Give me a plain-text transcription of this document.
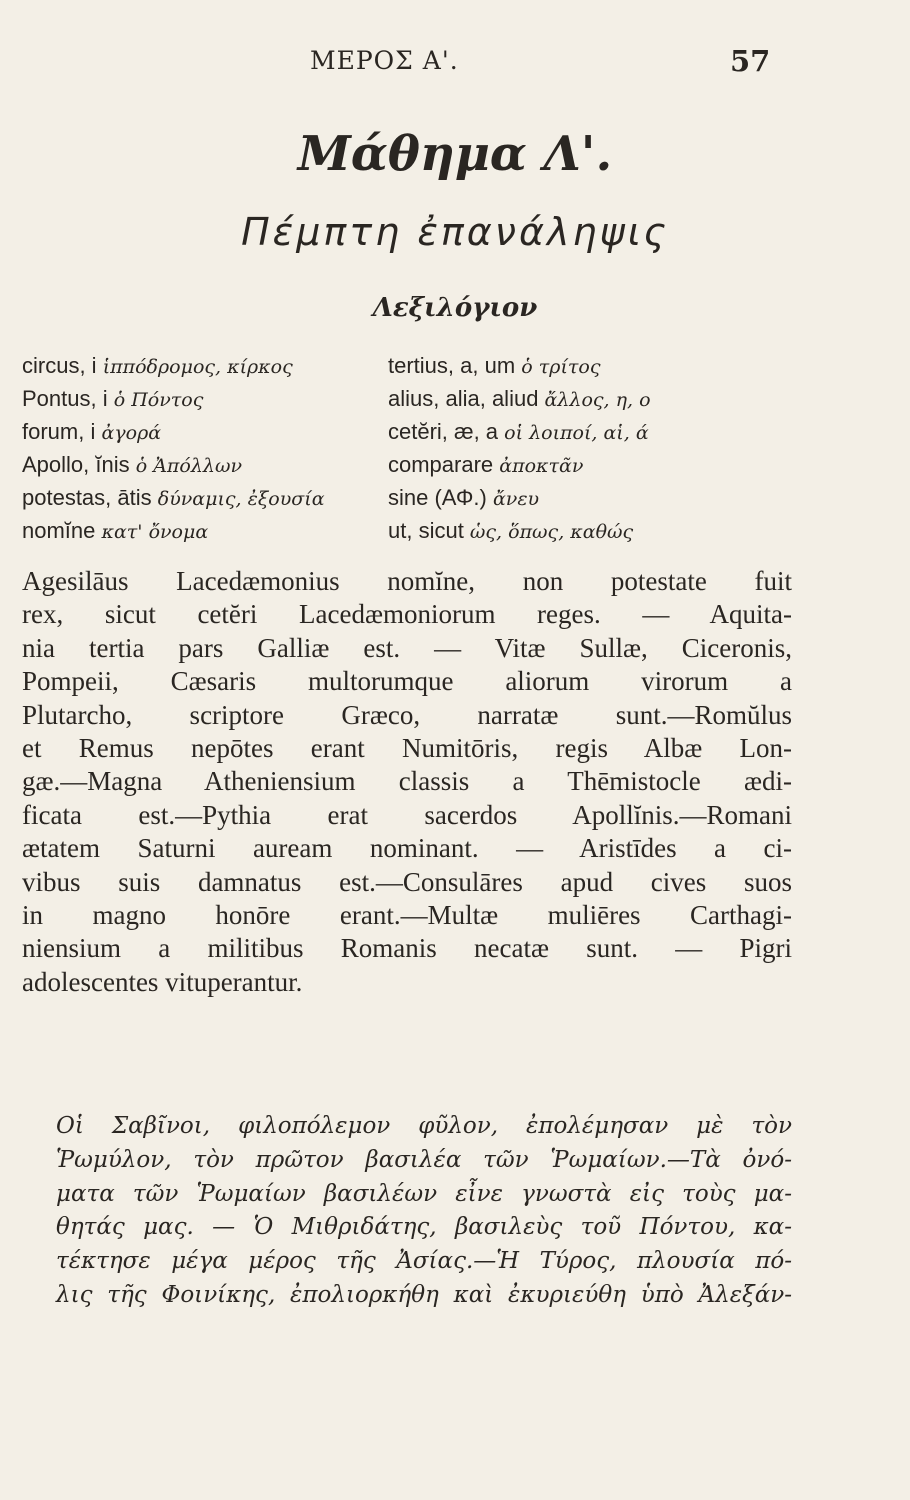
ΜΕΡΟΣ Α'.	57
Μάθημα Λ'.
Πέμπτη ἐπανάληψις
Λεξιλόγιον
circus, i ἱππόδρομος, κίρκος
Pontus, i ὁ Πόντος
forum, i ἀγορά
Apollo, ĭnis ὁ Ἀπόλλων
potestas, ātis δύναμις, ἐξουσία
nomĭne κατ' ὄνομα
tertius, a, um ὁ τρίτος
alius, alia, aliud ἄλλος, η, ο
cetĕri, æ, a οἱ λοιποί, αἱ, ά
comparare ἀποκτᾶν
sine (ΑΦ.) ἄνευ
ut, sicut ὡς, ὅπως, καθώς

Agesilāus Lacedæmonius nomĭne, non potestate fuit
rex, sicut cetĕri Lacedæmoniorum reges. — Aquita-
nia tertia pars Galliæ est. — Vitæ Sullæ, Ciceronis,
Pompeii, Cæsaris multorumque aliorum virorum a
Plutarcho, scriptore Græco, narratæ sunt.—Romŭlus
et Remus nepōtes erant Numitōris, regis Albæ Lon-
gæ.—Magna Atheniensium classis a Thēmistocle ædi-
ficata est.—Pythia erat sacerdos Apollĭnis.—Romani
ætatem Saturni auream nominant. — Aristīdes a ci-
vibus suis damnatus est.—Consulāres apud cives suos
in magno honōre erant.—Multæ muliēres Carthagi-
niensium a militibus Romanis necatæ sunt. — Pigri
adolescentes vituperantur.

Οἱ Σαβῖνοι, φιλοπόλεμον φῦλον, ἐπολέμησαν μὲ τὸν
Ῥωμύλον, τὸν πρῶτον βασιλέα τῶν Ῥωμαίων.—Τὰ ὀνό-
ματα τῶν Ῥωμαίων βασιλέων εἶνε γνωστὰ εἰς τοὺς μα-
θητάς μας. — Ὁ Μιθριδάτης, βασιλεὺς τοῦ Πόντου, κα-
τέκτησε μέγα μέρος τῆς Ἀσίας.—Ἡ Τύρος, πλουσία πό-
λις τῆς Φοινίκης, ἐπολιορκήθη καὶ ἐκυριεύθη ὑπὸ Ἀλεξάν-
